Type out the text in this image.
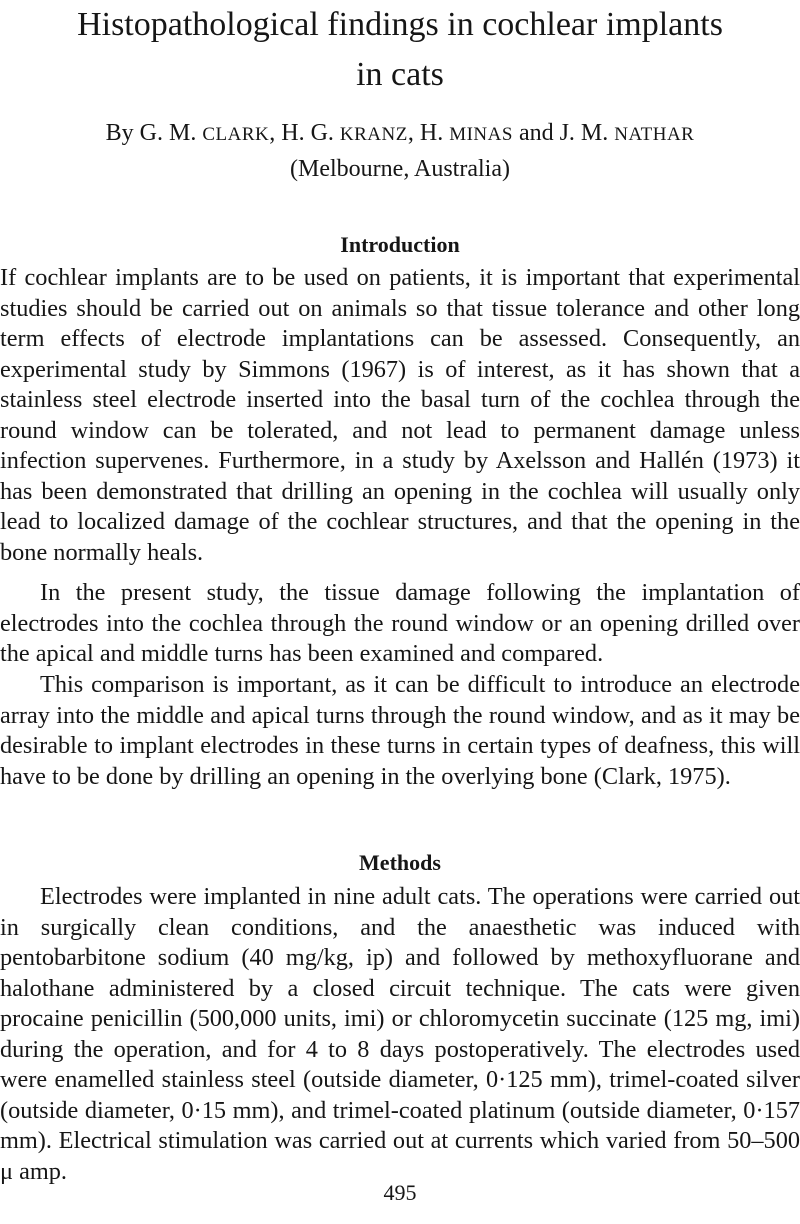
Histopathological findings in cochlear implants
in cats
By G. M. CLARK, H. G. KRANZ, H. MINAS and J. M. NATHAR
(Melbourne, Australia)
Introduction

If cochlear implants are to be used on patients, it is important that experimental studies should be carried out on animals so that tissue tolerance and other long term effects of electrode implantations can be assessed. Consequently, an experimental study by Simmons (1967) is of interest, as it has shown that a stainless steel electrode inserted into the basal turn of the cochlea through the round window can be tolerated, and not lead to permanent damage unless infection supervenes. Furthermore, in a study by Axelsson and Hallén (1973) it has been demonstrated that drilling an opening in the cochlea will usually only lead to localized damage of the cochlear structures, and that the opening in the bone normally heals.

In the present study, the tissue damage following the implantation of electrodes into the cochlea through the round window or an opening drilled over the apical and middle turns has been examined and compared.

This comparison is important, as it can be difficult to introduce an electrode array into the middle and apical turns through the round window, and as it may be desirable to implant electrodes in these turns in certain types of deafness, this will have to be done by drilling an opening in the overlying bone (Clark, 1975).

Methods

Electrodes were implanted in nine adult cats. The operations were carried out in surgically clean conditions, and the anaesthetic was induced with pentobarbitone sodium (40 mg/kg, ip) and followed by methoxyfluorane and halothane administered by a closed circuit technique. The cats were given procaine penicillin (500,000 units, imi) or chloromycetin succinate (125 mg, imi) during the operation, and for 4 to 8 days postoperatively. The electrodes used were enamelled stainless steel (outside diameter, 0·125 mm), trimel-coated silver (outside diameter, 0·15 mm), and trimel-coated platinum (outside diameter, 0·157 mm). Electrical stimulation was carried out at currents which varied from 50–500 μ amp.

495
